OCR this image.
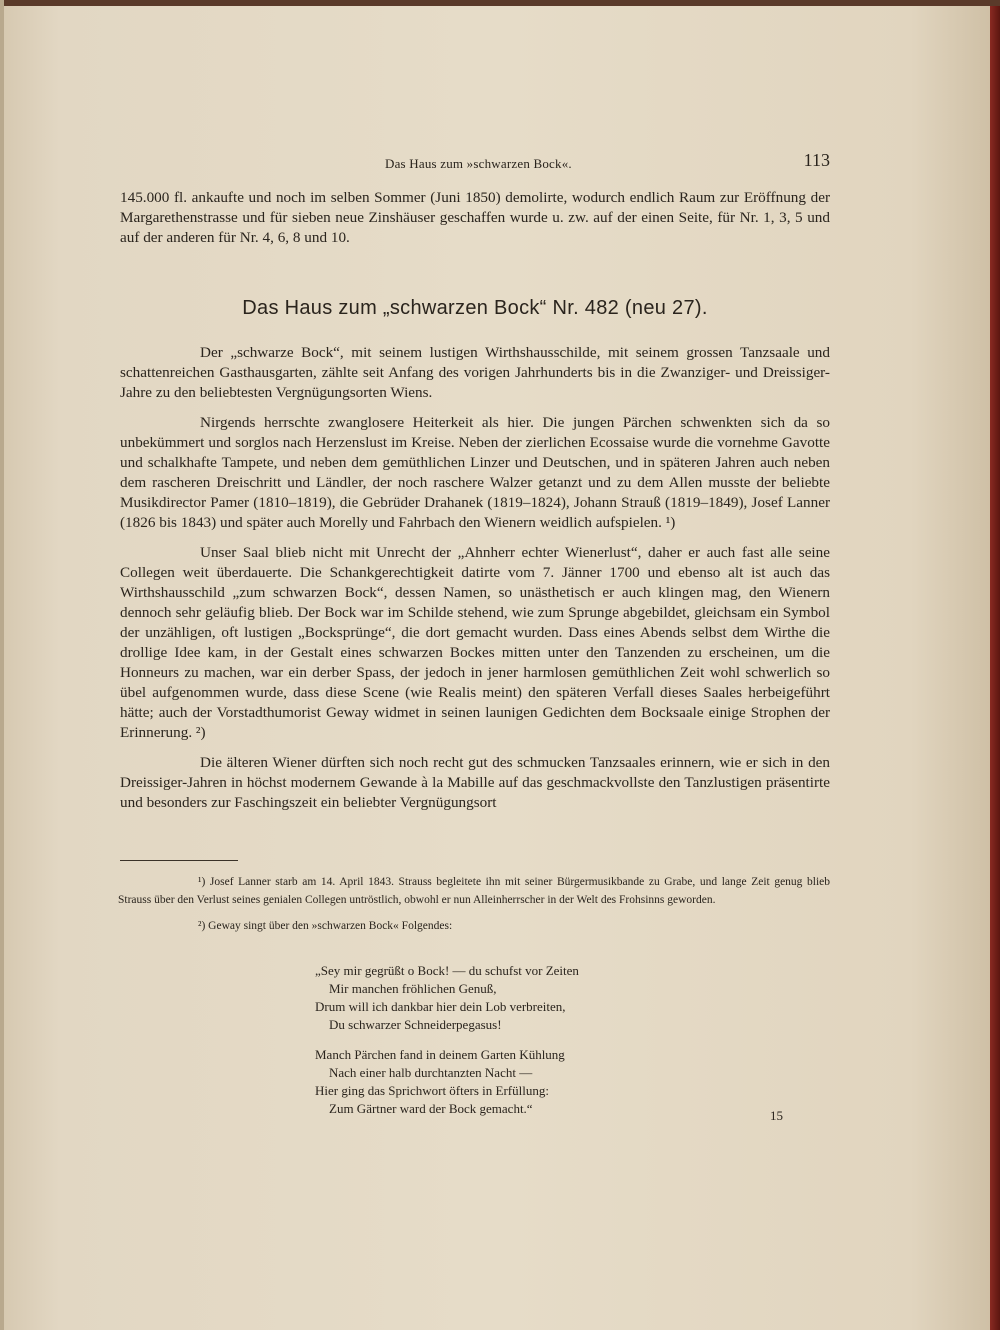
Das Haus zum »schwarzen Bock«.	113

145.000 fl. ankaufte und noch im selben Sommer (Juni 1850) demolirte, wodurch endlich Raum zur Eröffnung der Margarethenstrasse und für sieben neue Zinshäuser geschaffen wurde u. zw. auf der einen Seite, für Nr. 1, 3, 5 und auf der anderen für Nr. 4, 6, 8 und 10.

Das Haus zum „schwarzen Bock“ Nr. 482 (neu 27).

Der „schwarze Bock“, mit seinem lustigen Wirthshausschilde, mit seinem grossen Tanzsaale und schattenreichen Gasthausgarten, zählte seit Anfang des vorigen Jahrhunderts bis in die Zwanziger- und Dreissiger-Jahre zu den beliebtesten Vergnügungsorten Wiens.

Nirgends herrschte zwanglosere Heiterkeit als hier. Die jungen Pärchen schwenkten sich da so unbekümmert und sorglos nach Herzenslust im Kreise. Neben der zierlichen Ecossaise wurde die vornehme Gavotte und schalkhafte Tampete, und neben dem gemüthlichen Linzer und Deutschen, und in späteren Jahren auch neben dem rascheren Dreischritt und Ländler, der noch raschere Walzer getanzt und zu dem Allen musste der beliebte Musikdirector Pamer (1810–1819), die Gebrüder Drahanek (1819–1824), Johann Strauß (1819–1849), Josef Lanner (1826 bis 1843) und später auch Morelly und Fahrbach den Wienern weidlich aufspielen. ¹)

Unser Saal blieb nicht mit Unrecht der „Ahnherr echter Wienerlust“, daher er auch fast alle seine Collegen weit überdauerte. Die Schankgerechtigkeit datirte vom 7. Jänner 1700 und ebenso alt ist auch das Wirthshausschild „zum schwarzen Bock“, dessen Namen, so unästhetisch er auch klingen mag, den Wienern dennoch sehr geläufig blieb. Der Bock war im Schilde stehend, wie zum Sprunge abgebildet, gleichsam ein Symbol der unzähligen, oft lustigen „Bocksprünge“, die dort gemacht wurden. Dass eines Abends selbst dem Wirthe die drollige Idee kam, in der Gestalt eines schwarzen Bockes mitten unter den Tanzenden zu erscheinen, um die Honneurs zu machen, war ein derber Spass, der jedoch in jener harmlosen gemüthlichen Zeit wohl schwerlich so übel aufgenommen wurde, dass diese Scene (wie Realis meint) den späteren Verfall dieses Saales herbeigeführt hätte; auch der Vorstadthumorist Geway widmet in seinen launigen Gedichten dem Bocksaale einige Strophen der Erinnerung. ²)

Die älteren Wiener dürften sich noch recht gut des schmucken Tanzsaales erinnern, wie er sich in den Dreissiger-Jahren in höchst modernem Gewande à la Mabille auf das geschmackvollste den Tanzlustigen präsentirte und besonders zur Faschingszeit ein beliebter Vergnügungsort

¹) Josef Lanner starb am 14. April 1843. Strauss begleitete ihn mit seiner Bürgermusikbande zu Grabe, und lange Zeit genug blieb Strauss über den Verlust seines genialen Collegen untröstlich, obwohl er nun Alleinherrscher in der Welt des Frohsinns geworden.

²) Geway singt über den »schwarzen Bock« Folgendes:

„Sey mir gegrüßt o Bock! — du schufst vor Zeiten
Mir manchen fröhlichen Genuß,
Drum will ich dankbar hier dein Lob verbreiten,
Du schwarzer Schneiderpegasus!
Manch Pärchen fand in deinem Garten Kühlung
Nach einer halb durchtanzten Nacht —
Hier ging das Sprichwort öfters in Erfüllung:
Zum Gärtner ward der Bock gemacht.“	15
